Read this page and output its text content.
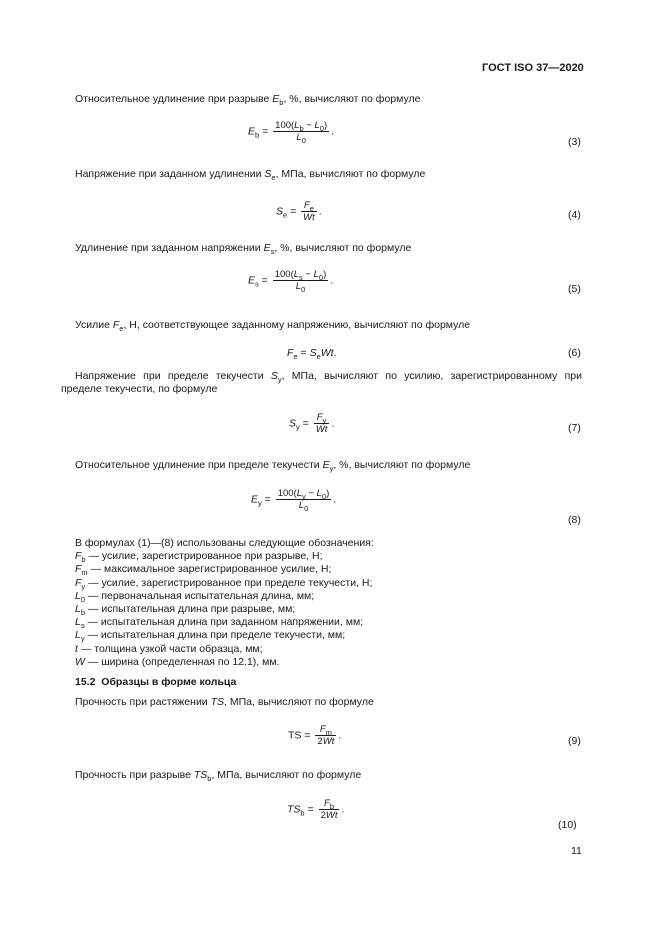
ГОСТ ISO 37—2020
Относительное удлинение при разрыве $E_b$, %, вычисляют по формуле
Напряжение при заданном удлинении $S_e$, МПа, вычисляют по формуле
Удлинение при заданном напряжении $E_s$, %, вычисляют по формуле
Усилие $F_e$, Н, соответствующее заданному напряжению, вычисляют по формуле
Напряжение при пределе текучести $S_y$, МПа, вычисляют по усилию, зарегистрированному при
пределе текучести, по формуле
Относительное удлинение при пределе текучести $E_y$, %, вычисляют по формуле
Прочность при растяжении TS, МПа, вычисляют по формуле
Прочность при разрыве $TS_b$, МПа, вычисляют по формуле
$E_b = \frac{100(L_b - L_0)}{L_0}$ .
(3)
$S_e = \frac{F_e}{Wt}$ .	(4)
$E_s = \frac{100(L_s - L_0)}{L_0}$ .
(5)
$F_e = S_eWt$.	(6)
$S_y = \frac{F_y}{Wt}$ .	(7)
$E_y = \frac{100(L_y - L_0)}{L_0}$ .
(8)
TS = $\frac{F_m}{2Wt}$ .	(9)
$TS_b = \frac{F_b}{2Wt}$ .
(10)
В формулах (1)—(8) использованы следующие обозначения:
$F_b$ — усилие, зарегистрированное при разрыве, Н;
$F_m$ — максимальное зарегистрированное усилие, Н;
$F_y$ — усилие, зарегистрированное при пределе текучести, Н;
$L_0$ — первоначальная испытательная длина, мм;
$L_b$ — испытательная длина при разрыве, мм;
$L_s$ — испытательная длина при заданном напряжении, мм;
$L_y$ — испытательная длина при пределе текучести, мм;
t — толщина узкой части образца, мм;
W — ширина (определенная по 12.1), мм.
15.2 Образцы в форме кольца
11
